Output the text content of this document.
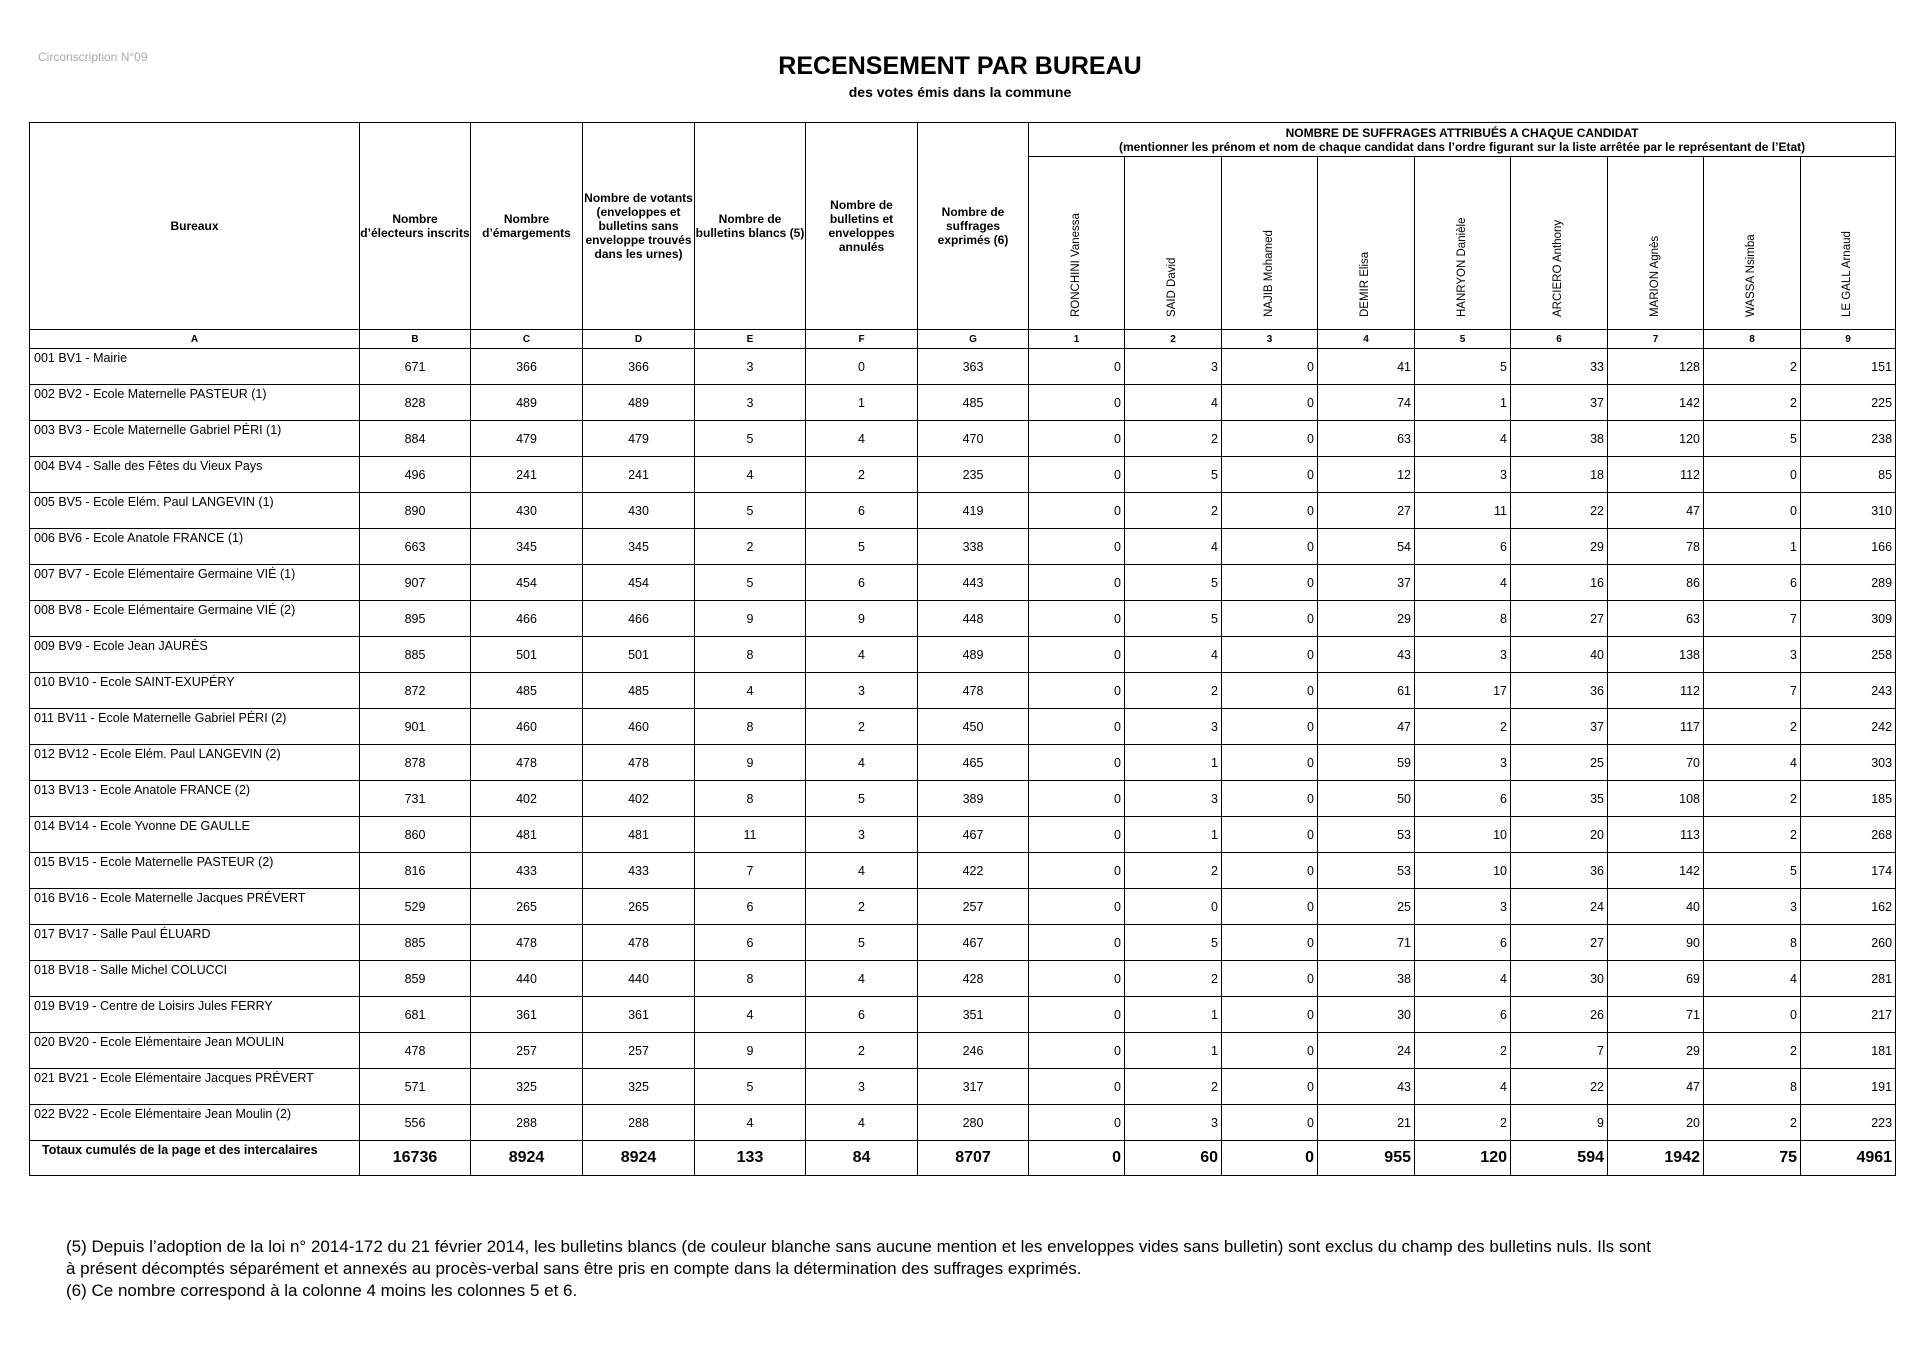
Circonscription N°09	RECENSEMENT PAR BUREAU
des votes émis dans la commune
Bureaux	Nombre d’électeurs inscrits	Nombre d’émargements	Nombre de votants (enveloppes et bulletins sans enveloppe trouvés dans les urnes)	Nombre de bulletins blancs (5)	Nombre de bulletins et enveloppes annulés	Nombre de suffrages exprimés (6)	NOMBRE DE SUFFRAGES ATTRIBUÉS A CHAQUE CANDIDAT
(mentionner les prénom et nom de chaque candidat dans l’ordre figurant sur la liste arrêtée par le représentant de l’Etat)								

							RONCHINI Vanessa	SAID David	NAJIB Mohamed	DEMIR Elisa	HANRYON Danièle	ARCIERO Anthony	MARION Agnès	WASSA Nsimba	LE GALL Arnaud

A	B	C	D	E	F	G	1	2	3	4	5	6	7	8	9
001 BV1 - Mairie	671	366	366	3	0	363	0	3	0	41	5	33	128	2	151
002 BV2 - Ecole Maternelle PASTEUR (1)	828	489	489	3	1	485	0	4	0	74	1	37	142	2	225
003 BV3 - Ecole Maternelle Gabriel PÉRI (1)	884	479	479	5	4	470	0	2	0	63	4	38	120	5	238
004 BV4 - Salle des Fêtes du Vieux Pays	496	241	241	4	2	235	0	5	0	12	3	18	112	0	85
005 BV5 - Ecole Elém. Paul LANGEVIN (1)	890	430	430	5	6	419	0	2	0	27	11	22	47	0	310
006 BV6 - Ecole Anatole FRANCE (1)	663	345	345	2	5	338	0	4	0	54	6	29	78	1	166
007 BV7 - Ecole Elémentaire Germaine VIÉ (1)	907	454	454	5	6	443	0	5	0	37	4	16	86	6	289
008 BV8 - Ecole Elémentaire Germaine VIÉ (2)	895	466	466	9	9	448	0	5	0	29	8	27	63	7	309
009 BV9 - Ecole Jean JAURÈS	885	501	501	8	4	489	0	4	0	43	3	40	138	3	258
010 BV10 - Ecole SAINT-EXUPÉRY	872	485	485	4	3	478	0	2	0	61	17	36	112	7	243
011 BV11 - Ecole Maternelle Gabriel PÉRI (2)	901	460	460	8	2	450	0	3	0	47	2	37	117	2	242
012 BV12 - Ecole Elém. Paul LANGEVIN (2)	878	478	478	9	4	465	0	1	0	59	3	25	70	4	303
013 BV13 - Ecole Anatole FRANCE (2)	731	402	402	8	5	389	0	3	0	50	6	35	108	2	185
014 BV14 - Ecole Yvonne DE GAULLE	860	481	481	11	3	467	0	1	0	53	10	20	113	2	268
015 BV15 - Ecole Maternelle PASTEUR (2)	816	433	433	7	4	422	0	2	0	53	10	36	142	5	174
016 BV16 - Ecole Maternelle Jacques PRÉVERT	529	265	265	6	2	257	0	0	0	25	3	24	40	3	162
017 BV17 - Salle Paul ÉLUARD	885	478	478	6	5	467	0	5	0	71	6	27	90	8	260
018 BV18 - Salle Michel COLUCCI	859	440	440	8	4	428	0	2	0	38	4	30	69	4	281
019 BV19 - Centre de Loisirs Jules FERRY	681	361	361	4	6	351	0	1	0	30	6	26	71	0	217
020 BV20 - Ecole Elémentaire Jean MOULIN	478	257	257	9	2	246	0	1	0	24	2	7	29	2	181
021 BV21 - Ecole Elémentaire Jacques PRÉVERT	571	325	325	5	3	317	0	2	0	43	4	22	47	8	191
022 BV22 - Ecole Elémentaire Jean Moulin (2)	556	288	288	4	4	280	0	3	0	21	2	9	20	2	223
Totaux cumulés de la page et des intercalaires	16736	8924	8924	133	84	8707	0	60	0	955	120	594	1942	75	4961
(5) Depuis l’adoption de la loi n° 2014-172 du 21 février 2014, les bulletins blancs (de couleur blanche sans aucune mention et les enveloppes vides sans bulletin) sont exclus du champ des bulletins nuls. Ils sont
à présent décomptés séparément et annexés au procès-verbal sans être pris en compte dans la détermination des suffrages exprimés.
(6) Ce nombre correspond à la colonne 4 moins les colonnes 5 et 6.
